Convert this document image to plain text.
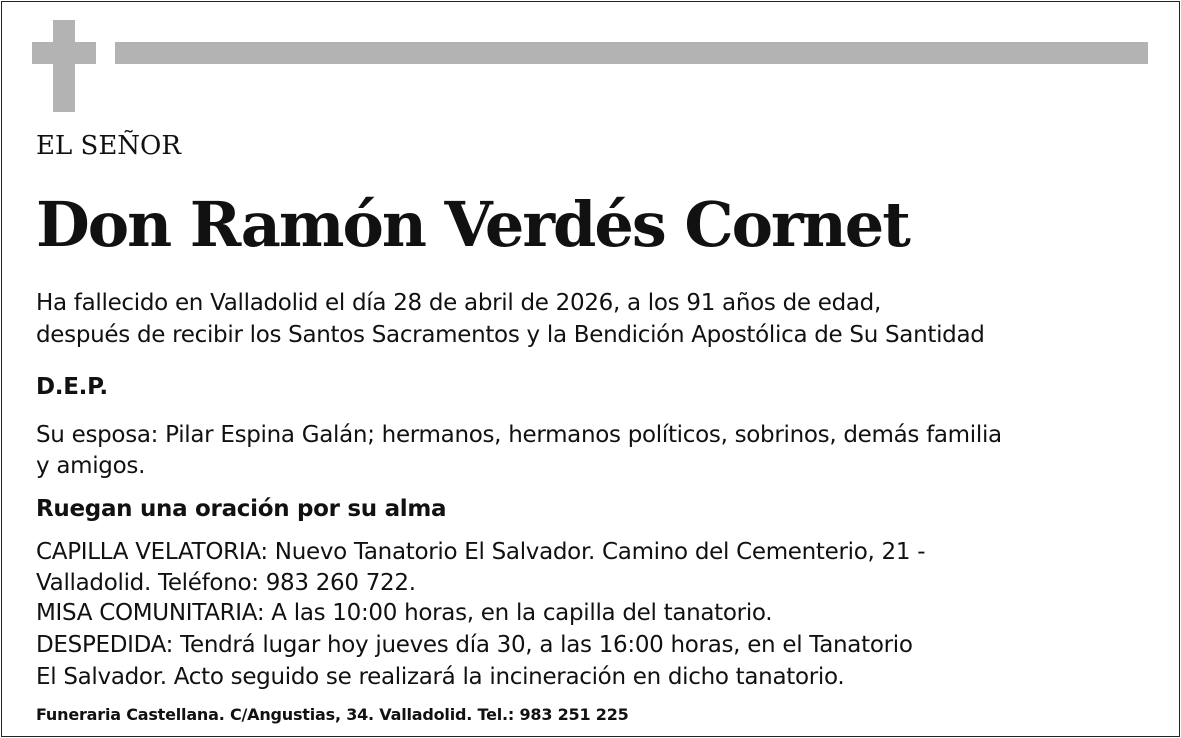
EL SEÑOR
Don Ramón Verdés Cornet
Ha fallecido en Valladolid el día 28 de abril de 2026, a los 91 años de edad,
después de recibir los Santos Sacramentos y la Bendición Apostólica de Su Santidad
D.E.P.
Su esposa: Pilar Espina Galán; hermanos, hermanos políticos, sobrinos, demás familia
y amigos.
Ruegan una oración por su alma
CAPILLA VELATORIA: Nuevo Tanatorio El Salvador. Camino del Cementerio, 21 -
Valladolid. Teléfono: 983 260 722.
MISA COMUNITARIA: A las 10:00 horas, en la capilla del tanatorio.
DESPEDIDA: Tendrá lugar hoy jueves día 30, a las 16:00 horas, en el Tanatorio
El Salvador. Acto seguido se realizará la incineración en dicho tanatorio.
Funeraria Castellana. C/Angustias, 34. Valladolid. Tel.: 983 251 225
